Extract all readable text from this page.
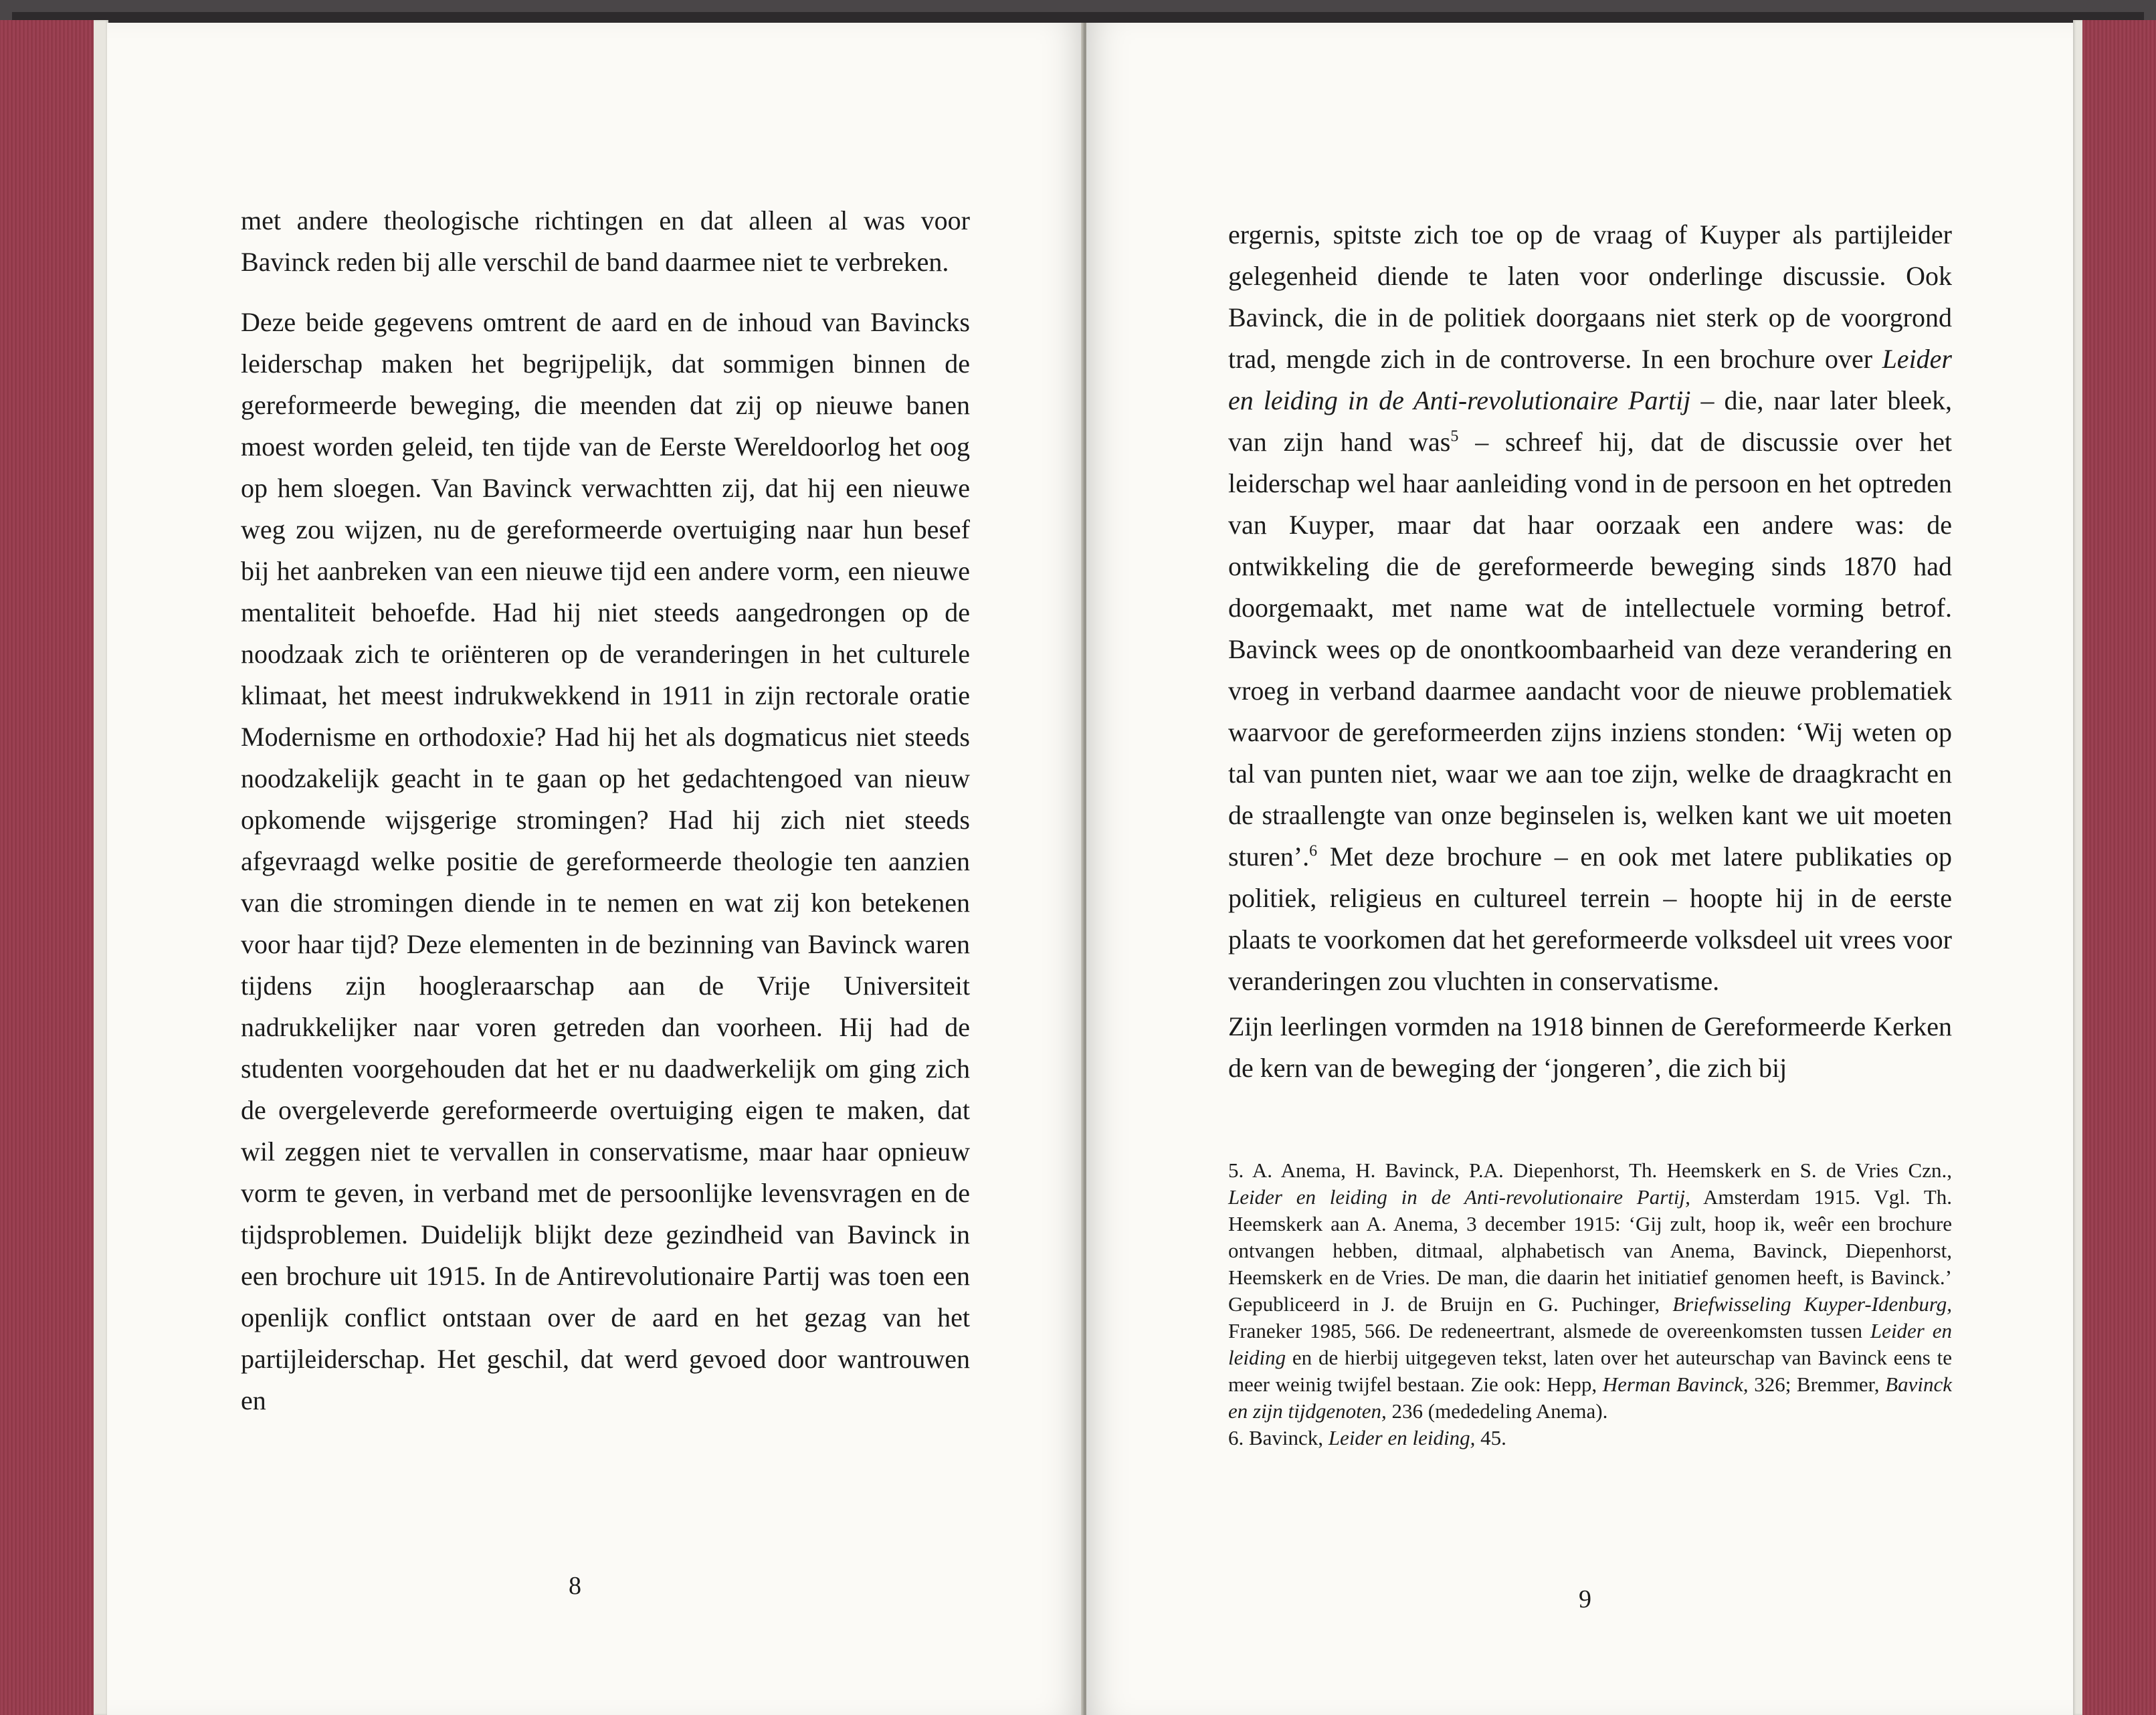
met andere theologische richtingen en dat alleen al was voor Bavinck reden bij alle verschil de band daarmee niet te verbreken.

Deze beide gegevens omtrent de aard en de inhoud van Bavincks leiderschap maken het begrijpelijk, dat sommigen binnen de gereformeerde beweging, die meenden dat zij op nieuwe banen moest worden geleid, ten tijde van de Eerste Wereldoorlog het oog op hem sloegen. Van Bavinck verwachtten zij, dat hij een nieuwe weg zou wijzen, nu de gereformeerde overtuiging naar hun besef bij het aanbreken van een nieuwe tijd een andere vorm, een nieuwe mentaliteit behoefde. Had hij niet steeds aangedrongen op de noodzaak zich te oriënteren op de veranderingen in het culturele klimaat, het meest indrukwekkend in 1911 in zijn rectorale oratie Modernisme en orthodoxie? Had hij het als dogmaticus niet steeds noodzakelijk geacht in te gaan op het gedachtengoed van nieuw opkomende wijsgerige stromingen? Had hij zich niet steeds afgevraagd welke positie de gereformeerde theologie ten aanzien van die stromingen diende in te nemen en wat zij kon betekenen voor haar tijd? Deze elementen in de bezinning van Bavinck waren tijdens zijn hoogleraarschap aan de Vrije Universiteit nadrukkelijker naar voren getreden dan voorheen. Hij had de studenten voorgehouden dat het er nu daadwerkelijk om ging zich de overgeleverde gereformeerde overtuiging eigen te maken, dat wil zeggen niet te vervallen in conservatisme, maar haar opnieuw vorm te geven, in verband met de persoonlijke levensvragen en de tijdsproblemen. Duidelijk blijkt deze gezindheid van Bavinck in een brochure uit 1915. In de Antirevolutionaire Partij was toen een openlijk conflict ontstaan over de aard en het gezag van het partijleiderschap. Het geschil, dat werd gevoed door wantrouwen en

8

ergernis, spitste zich toe op de vraag of Kuyper als partijleider gelegenheid diende te laten voor onderlinge discussie. Ook Bavinck, die in de politiek doorgaans niet sterk op de voorgrond trad, mengde zich in de controverse. In een brochure over Leider en leiding in de Anti-revolutionaire Partij – die, naar later bleek, van zijn hand was$^5$ – schreef hij, dat de discussie over het leiderschap wel haar aanleiding vond in de persoon en het optreden van Kuyper, maar dat haar oorzaak een andere was: de ontwikkeling die de gereformeerde beweging sinds 1870 had doorgemaakt, met name wat de intellectuele vorming betrof. Bavinck wees op de onontkoombaarheid van deze verandering en vroeg in verband daarmee aandacht voor de nieuwe problematiek waarvoor de gereformeerden zijns inziens stonden: ‘Wij weten op tal van punten niet, waar we aan toe zijn, welke de draagkracht en de straallengte van onze beginselen is, welken kant we uit moeten sturen’.$^6$ Met deze brochure – en ook met latere publikaties op politiek, religieus en cultureel terrein – hoopte hij in de eerste plaats te voorkomen dat het gereformeerde volksdeel uit vrees voor veranderingen zou vluchten in conservatisme.

Zijn leerlingen vormden na 1918 binnen de Gereformeerde Kerken de kern van de beweging der ‘jongeren’, die zich bij

5. A. Anema, H. Bavinck, P.A. Diepenhorst, Th. Heemskerk en S. de Vries Czn., Leider en leiding in de Anti-revolutionaire Partij, Amsterdam 1915. Vgl. Th. Heemskerk aan A. Anema, 3 december 1915: ‘Gij zult, hoop ik, weêr een brochure ontvangen hebben, ditmaal, alphabetisch van Anema, Bavinck, Diepenhorst, Heemskerk en de Vries. De man, die daarin het initiatief genomen heeft, is Bavinck.’ Gepubliceerd in J. de Bruijn en G. Puchinger, Briefwisseling Kuyper-Idenburg, Franeker 1985, 566. De redeneertrant, alsmede de overeenkomsten tussen Leider en leiding en de hierbij uitgegeven tekst, laten over het auteurschap van Bavinck eens te meer weinig twijfel bestaan. Zie ook: Hepp, Herman Bavinck, 326; Bremmer, Bavinck en zijn tijdgenoten, 236 (mededeling Anema).

6. Bavinck, Leider en leiding, 45.

9
